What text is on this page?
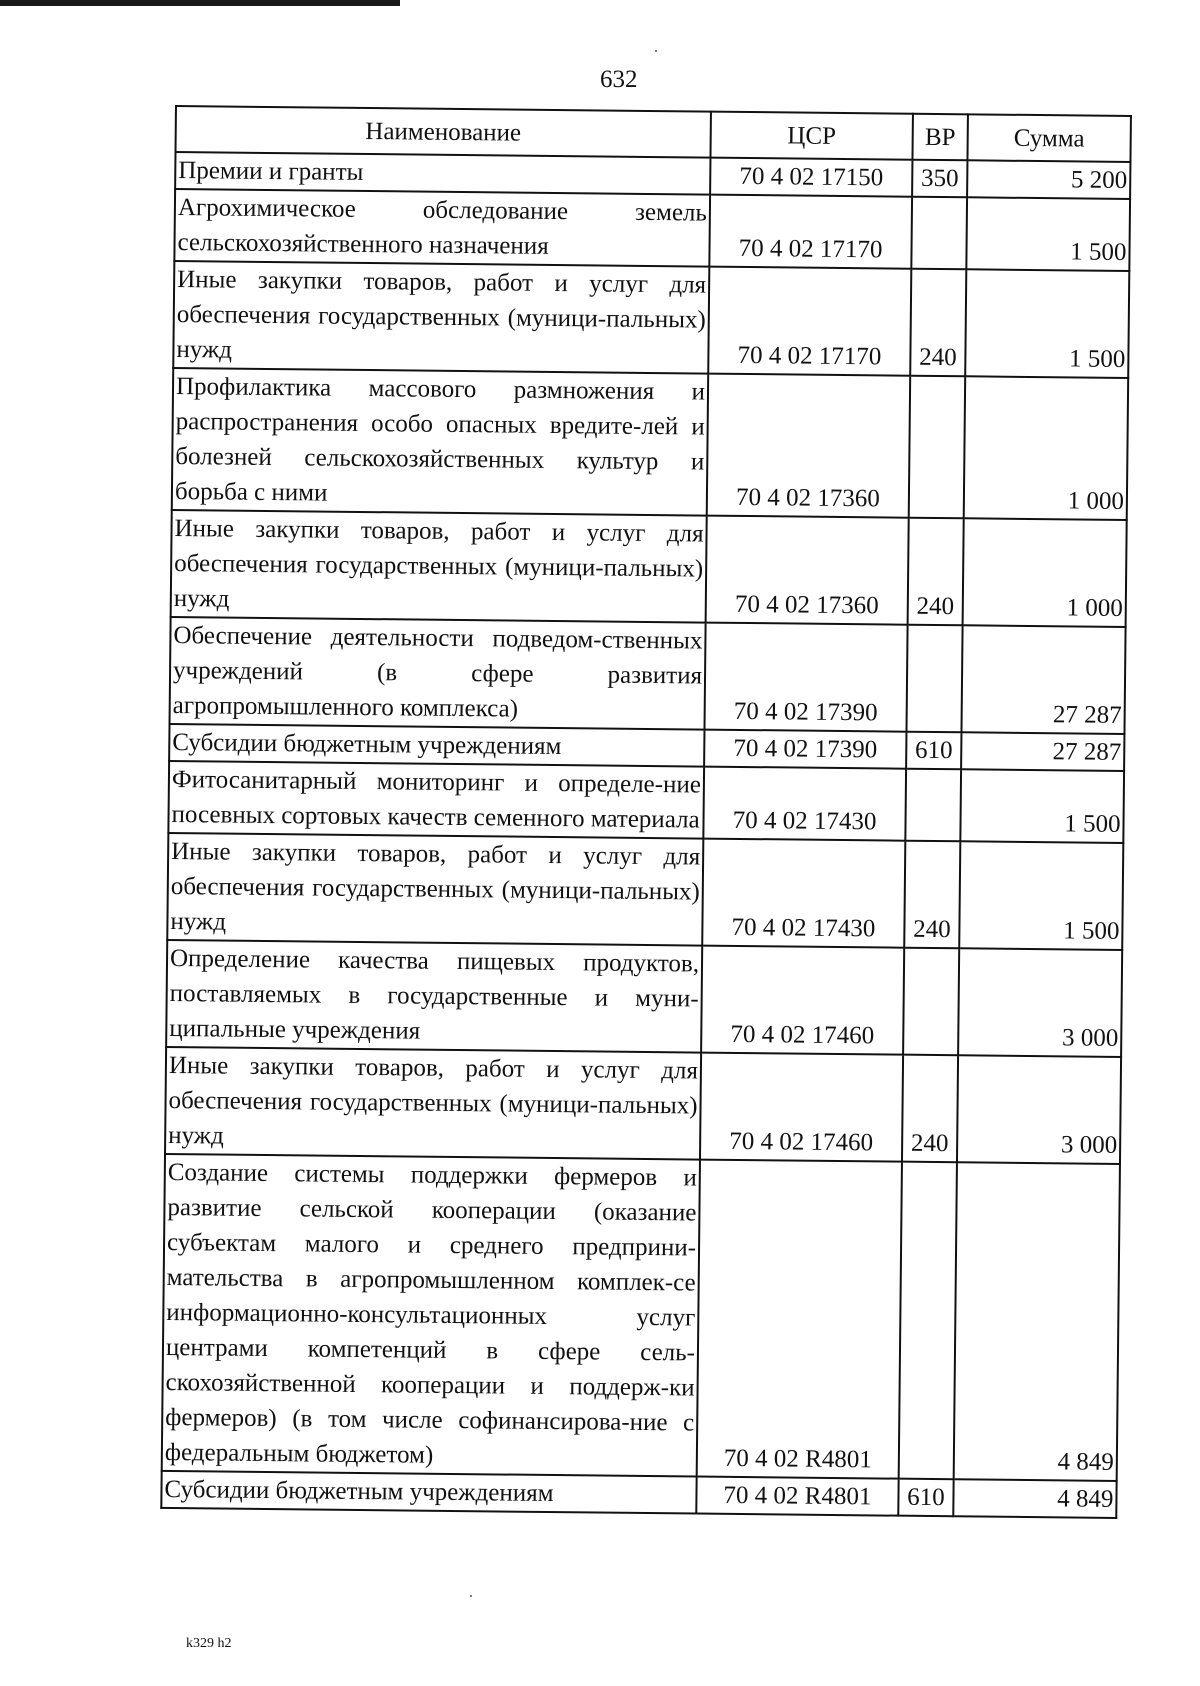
632
Наименование	ЦСР	ВР	Сумма
Премии и гранты	70 4 02 17150	350	5 200
Агрохимическое обследование земель сельскохозяйственного назначения	70 4 02 17170		1 500
Иные закупки товаров, работ и услуг для обеспечения государственных (муници-пальных) нужд	70 4 02 17170	240	1 500
Профилактика массового размножения и распространения особо опасных вредите-лей и болезней сельскохозяйственных культур и борьба с ними	70 4 02 17360		1 000
Иные закупки товаров, работ и услуг для обеспечения государственных (муници-пальных) нужд	70 4 02 17360	240	1 000
Обеспечение деятельности подведом-ственных учреждений (в сфере развития агропромышленного комплекса)	70 4 02 17390		27 287
Субсидии бюджетным учреждениям	70 4 02 17390	610	27 287
Фитосанитарный мониторинг и определе-ние посевных сортовых качеств семенного материала	70 4 02 17430		1 500
Иные закупки товаров, работ и услуг для обеспечения государственных (муници-пальных) нужд	70 4 02 17430	240	1 500
Определение качества пищевых продуктов, поставляемых в государственные и муни-ципальные учреждения	70 4 02 17460		3 000
Иные закупки товаров, работ и услуг для обеспечения государственных (муници-пальных) нужд	70 4 02 17460	240	3 000
Создание системы поддержки фермеров и развитие сельской кооперации (оказание субъектам малого и среднего предприни-мательства в агропромышленном комплек-се информационно-консультационных услуг центрами компетенций в сфере сель-скохозяйственной кооперации и поддерж-ки фермеров) (в том числе софинансирова-ние с федеральным бюджетом)	70 4 02 R4801		4 849
Субсидии бюджетным учреждениям	70 4 02 R4801	610	4 849
k329 h2
